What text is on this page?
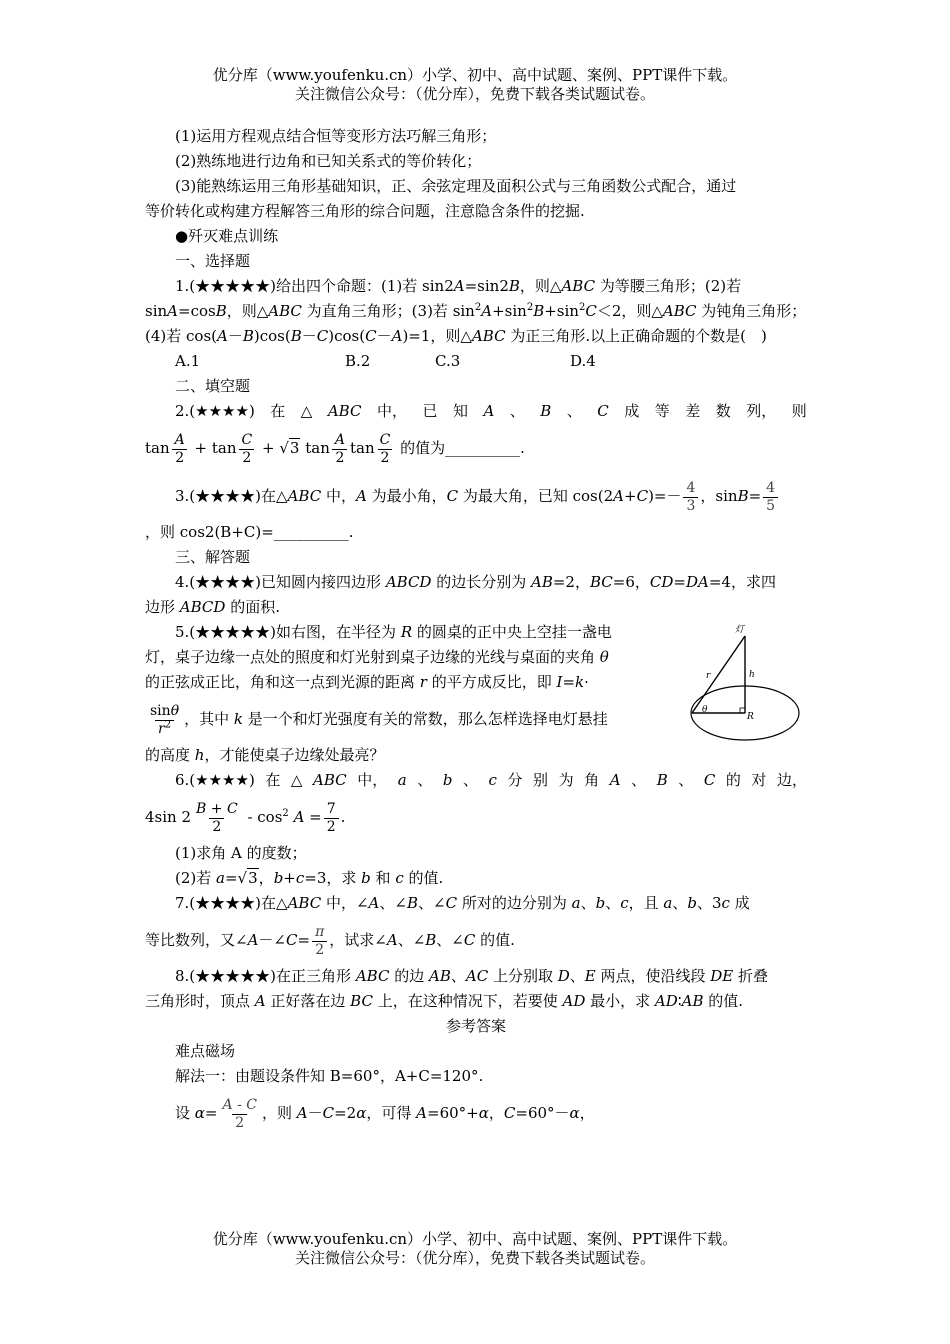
优分库（www.youfenku.cn）小学、初中、高中试题、案例、PPT课件下载。
关注微信公众号：（优分库），免费下载各类试题试卷。

(1)运用方程观点结合恒等变形方法巧解三角形；

(2)熟练地进行边角和已知关系式的等价转化；

(3)能熟练运用三角形基础知识，正、余弦定理及面积公式与三角函数公式配合，通过

等价转化或构建方程解答三角形的综合问题，注意隐含条件的挖掘.

●歼灭难点训练

一、选择题

1.(★★★★★)给出四个命题：(1)若 sin2A=sin2B，则△ABC 为等腰三角形；(2)若

sinA=cosB，则△ABC 为直角三角形；(3)若 $\sin^2A+\sin^2B+\sin^2C<2$，则△ABC 为钝角三角形；

(4)若 cos(A－B)cos(B－C)cos(C－A)=1，则△ABC 为正三角形.以上正确命题的个数是(　)

A.1	B.2	C.3	D.4

二、填空题

2.(★★★★) 在 △ ABC 中， 已 知 A 、 B 、 C 成 等 差 数 列， 则

$\tan \frac{A}{2} + \tan \frac{C}{2} + √3$ $\tan \frac{A}{2}$ $\tan \frac{C}{2}$ 的值为__________.

3.(★★★★)在△ABC 中，A 为最小角，C 为最大角，已知 $\cos(2A+C)=- \frac{4}{3}$ ，$\sin B= \frac{4}{5}$

，则 cos2(B+C)=__________.

三、解答题

4.(★★★★)已知圆内接四边形 ABCD 的边长分别为 AB=2，BC=6，CD=DA=4，求四

边形 ABCD 的面积.

灯
r	h
θ
R

5.(★★★★★)如右图，在半径为 R 的圆桌的正中央上空挂一盏电

灯，桌子边缘一点处的照度和灯光射到桌子边缘的光线与桌面的夹角 θ

的正弦成正比，角和这一点到光源的距离 r 的平方成反比，即 I=k·

$\frac{\sin\theta}{r^2}$ ，其中 k 是一个和灯光强度有关的常数，那么怎样选择电灯悬挂

的高度 h，才能使桌子边缘处最亮？

6.(★★★★) 在 △ ABC 中， a 、 b 、 c 分 别 为 角 A 、 B 、 C 的 对 边，

4sin $2 \frac{B + C}{2} - \cos^2 A = \frac{7}{2}$ .

(1)求角 A 的度数；

(2)若 a=√3，b+c=3，求 b 和 c 的值.

7.(★★★★)在△ABC 中，∠A、∠B、∠C 所对的边分别为 a、b、c，且 a、b、3c 成

等比数列，又∠A－∠C= $\frac{\pi}{2}$ ，试求∠A、∠B、∠C 的值.

8.(★★★★★)在正三角形 ABC 的边 AB、AC 上分别取 D、E 两点，使沿线段 DE 折叠

三角形时，顶点 A 正好落在边 BC 上，在这种情况下，若要使 AD 最小，求 AD∶AB 的值.

参考答案

难点磁场

解法一：由题设条件知 B=60°，A+C=120°.

设 $\alpha= \frac{A - C}{2}$ ，则 A－C=2α，可得 A=60°+α，C=60°－α，

优分库（www.youfenku.cn）小学、初中、高中试题、案例、PPT课件下载。
关注微信公众号：（优分库），免费下载各类试题试卷。
